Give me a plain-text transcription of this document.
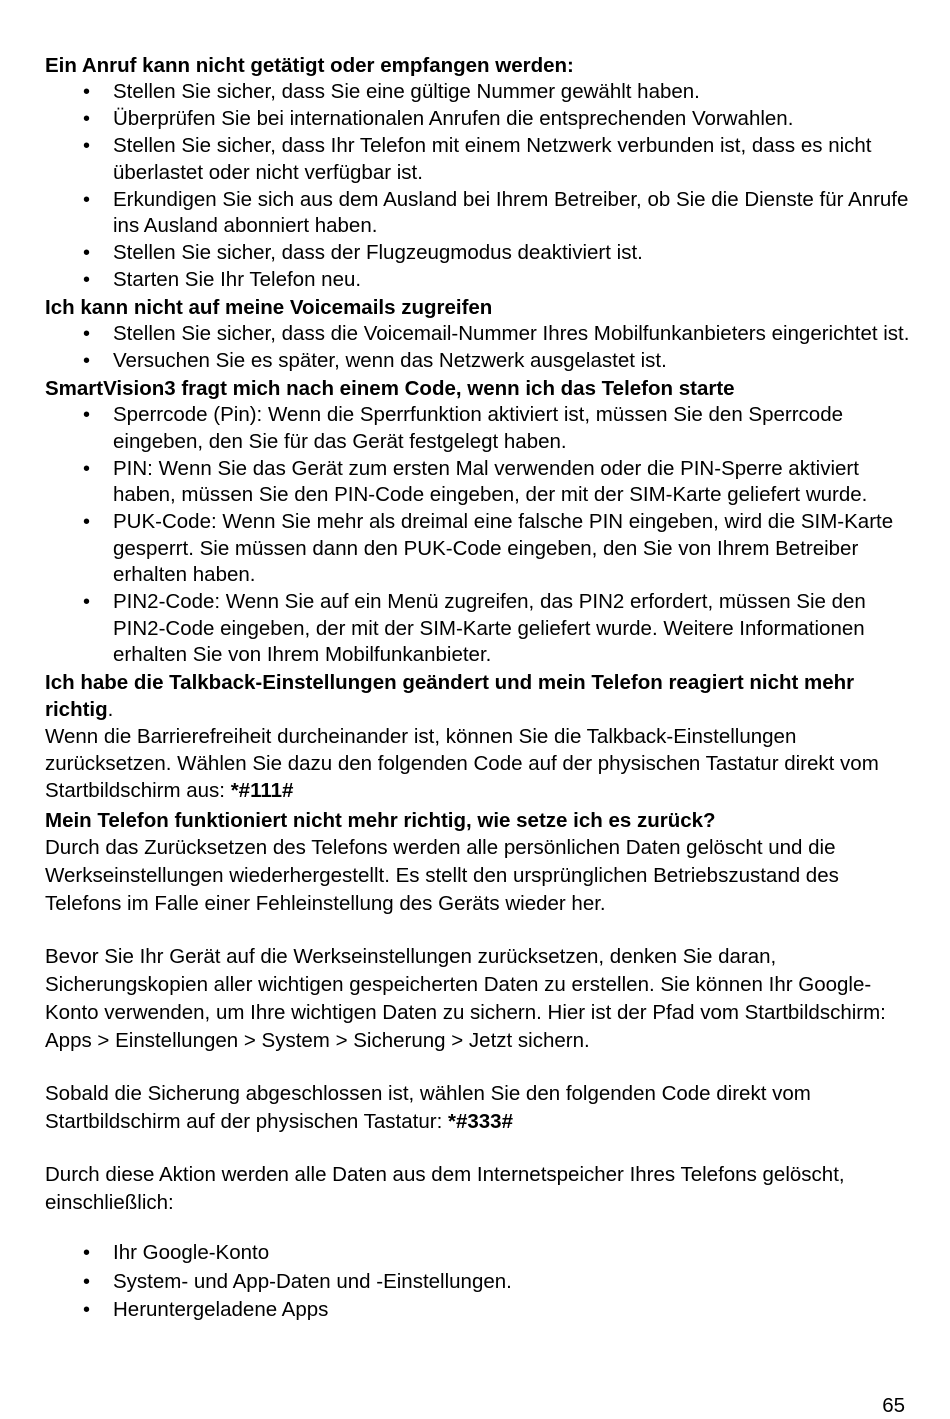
Ein Anruf kann nicht getätigt oder empfangen werden:

• Stellen Sie sicher, dass Sie eine gültige Nummer gewählt haben.
• Überprüfen Sie bei internationalen Anrufen die entsprechenden Vorwahlen.
• Stellen Sie sicher, dass Ihr Telefon mit einem Netzwerk verbunden ist, dass es nicht überlastet oder nicht verfügbar ist.
• Erkundigen Sie sich aus dem Ausland bei Ihrem Betreiber, ob Sie die Dienste für Anrufe ins Ausland abonniert haben.
• Stellen Sie sicher, dass der Flugzeugmodus deaktiviert ist.
• Starten Sie Ihr Telefon neu.

Ich kann nicht auf meine Voicemails zugreifen

• Stellen Sie sicher, dass die Voicemail-Nummer Ihres Mobilfunkanbieters eingerichtet ist.
• Versuchen Sie es später, wenn das Netzwerk ausgelastet ist.

SmartVision3 fragt mich nach einem Code, wenn ich das Telefon starte

• Sperrcode (Pin): Wenn die Sperrfunktion aktiviert ist, müssen Sie den Sperrcode eingeben, den Sie für das Gerät festgelegt haben.
• PIN: Wenn Sie das Gerät zum ersten Mal verwenden oder die PIN-Sperre aktiviert haben, müssen Sie den PIN-Code eingeben, der mit der SIM-Karte geliefert wurde.
• PUK-Code: Wenn Sie mehr als dreimal eine falsche PIN eingeben, wird die SIM-Karte gesperrt. Sie müssen dann den PUK-Code eingeben, den Sie von Ihrem Betreiber erhalten haben.
• PIN2-Code: Wenn Sie auf ein Menü zugreifen, das PIN2 erfordert, müssen Sie den PIN2-Code eingeben, der mit der SIM-Karte geliefert wurde. Weitere Informationen erhalten Sie von Ihrem Mobilfunkanbieter.

Ich habe die Talkback-Einstellungen geändert und mein Telefon reagiert nicht mehr richtig.

Wenn die Barrierefreiheit durcheinander ist, können Sie die Talkback-Einstellungen zurücksetzen. Wählen Sie dazu den folgenden Code auf der physischen Tastatur direkt vom Startbildschirm aus: *#111#

Mein Telefon funktioniert nicht mehr richtig, wie setze ich es zurück?

Durch das Zurücksetzen des Telefons werden alle persönlichen Daten gelöscht und die Werkseinstellungen wiederhergestellt. Es stellt den ursprünglichen Betriebszustand des Telefons im Falle einer Fehleinstellung des Geräts wieder her.

Bevor Sie Ihr Gerät auf die Werkseinstellungen zurücksetzen, denken Sie daran, Sicherungskopien aller wichtigen gespeicherten Daten zu erstellen. Sie können Ihr Google-Konto verwenden, um Ihre wichtigen Daten zu sichern. Hier ist der Pfad vom Startbildschirm: Apps > Einstellungen > System > Sicherung > Jetzt sichern.

Sobald die Sicherung abgeschlossen ist, wählen Sie den folgenden Code direkt vom Startbildschirm auf der physischen Tastatur: *#333#

Durch diese Aktion werden alle Daten aus dem Internetspeicher Ihres Telefons gelöscht, einschließlich:

• Ihr Google-Konto
• System- und App-Daten und -Einstellungen.
• Heruntergeladene Apps
65
